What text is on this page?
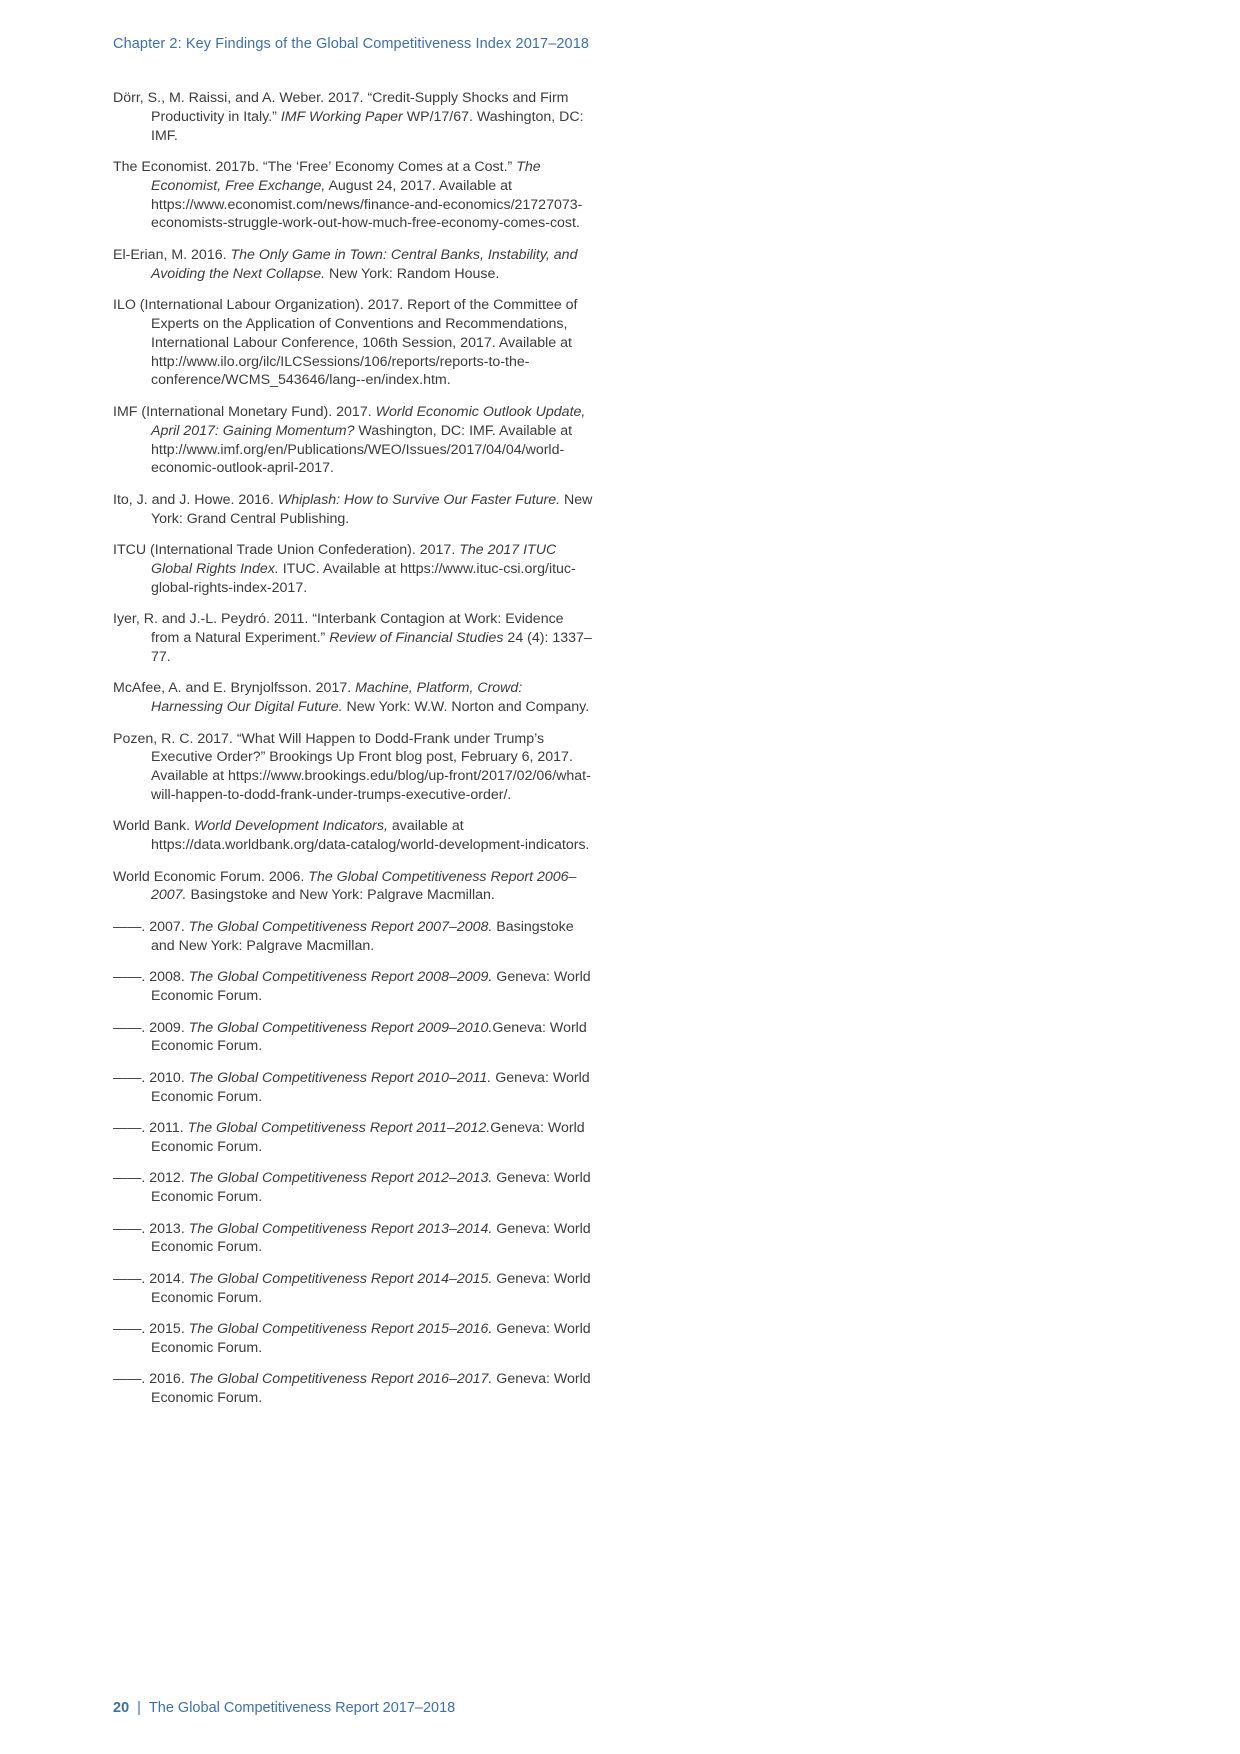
Chapter 2: Key Findings of the Global Competitiveness Index 2017–2018

Dörr, S., M. Raissi, and A. Weber. 2017. “Credit-Supply Shocks and Firm Productivity in Italy.” IMF Working Paper WP/17/67. Washington, DC: IMF.

The Economist. 2017b. “The ‘Free’ Economy Comes at a Cost.” The Economist, Free Exchange, August 24, 2017. Available at https://www.economist.com/news/finance-and-economics/21727073-economists-struggle-work-out-how-much-free-economy-comes-cost.

El-Erian, M. 2016. The Only Game in Town: Central Banks, Instability, and Avoiding the Next Collapse. New York: Random House.

ILO (International Labour Organization). 2017. Report of the Committee of Experts on the Application of Conventions and Recommendations, International Labour Conference, 106th Session, 2017. Available at http://www.ilo.org/ilc/ILCSessions/106/reports/reports-to-the-conference/WCMS_543646/lang--en/index.htm.

IMF (International Monetary Fund). 2017. World Economic Outlook Update, April 2017: Gaining Momentum? Washington, DC: IMF. Available at http://www.imf.org/en/Publications/WEO/Issues/2017/04/04/world-economic-outlook-april-2017.

Ito, J. and J. Howe. 2016. Whiplash: How to Survive Our Faster Future. New York: Grand Central Publishing.

ITCU (International Trade Union Confederation). 2017. The 2017 ITUC Global Rights Index. ITUC. Available at https://www.ituc-csi.org/ituc-global-rights-index-2017.

Iyer, R. and J.-L. Peydró. 2011. “Interbank Contagion at Work: Evidence from a Natural Experiment.” Review of Financial Studies 24 (4): 1337–77.

McAfee, A. and E. Brynjolfsson. 2017. Machine, Platform, Crowd: Harnessing Our Digital Future. New York: W.W. Norton and Company.

Pozen, R. C. 2017. “What Will Happen to Dodd-Frank under Trump’s Executive Order?” Brookings Up Front blog post, February 6, 2017. Available at https://www.brookings.edu/blog/up-front/2017/02/06/what-will-happen-to-dodd-frank-under-trumps-executive-order/.

World Bank. World Development Indicators, available at https://data.worldbank.org/data-catalog/world-development-indicators.

World Economic Forum. 2006. The Global Competitiveness Report 2006–2007. Basingstoke and New York: Palgrave Macmillan.

——. 2007. The Global Competitiveness Report 2007–2008. Basingstoke and New York: Palgrave Macmillan.

——. 2008. The Global Competitiveness Report 2008–2009. Geneva: World Economic Forum.

——. 2009. The Global Competitiveness Report 2009–2010.Geneva: World Economic Forum.

——. 2010. The Global Competitiveness Report 2010–2011. Geneva: World Economic Forum.

——. 2011. The Global Competitiveness Report 2011–2012.Geneva: World Economic Forum.

——. 2012. The Global Competitiveness Report 2012–2013. Geneva: World Economic Forum.

——. 2013. The Global Competitiveness Report 2013–2014. Geneva: World Economic Forum.

——. 2014. The Global Competitiveness Report 2014–2015. Geneva: World Economic Forum.

——. 2015. The Global Competitiveness Report 2015–2016. Geneva: World Economic Forum.

——. 2016. The Global Competitiveness Report 2016–2017. Geneva: World Economic Forum.

20 | The Global Competitiveness Report 2017–2018
